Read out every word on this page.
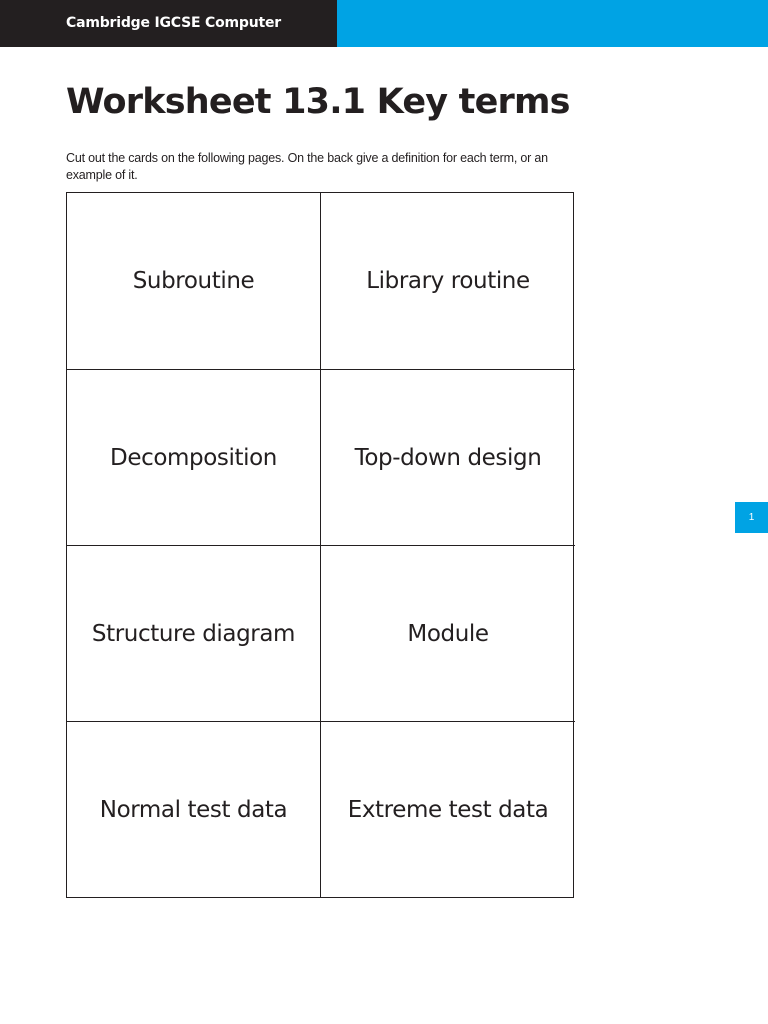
Cambridge IGCSE Computer Science
Worksheet 13.1 Key terms

Cut out the cards on the following pages. On the back give a definition for each term, or an example of it.

Subroutine	Library routine
Decomposition	Top-down design
Structure diagram	Module
Normal test data	Extreme test data
1
